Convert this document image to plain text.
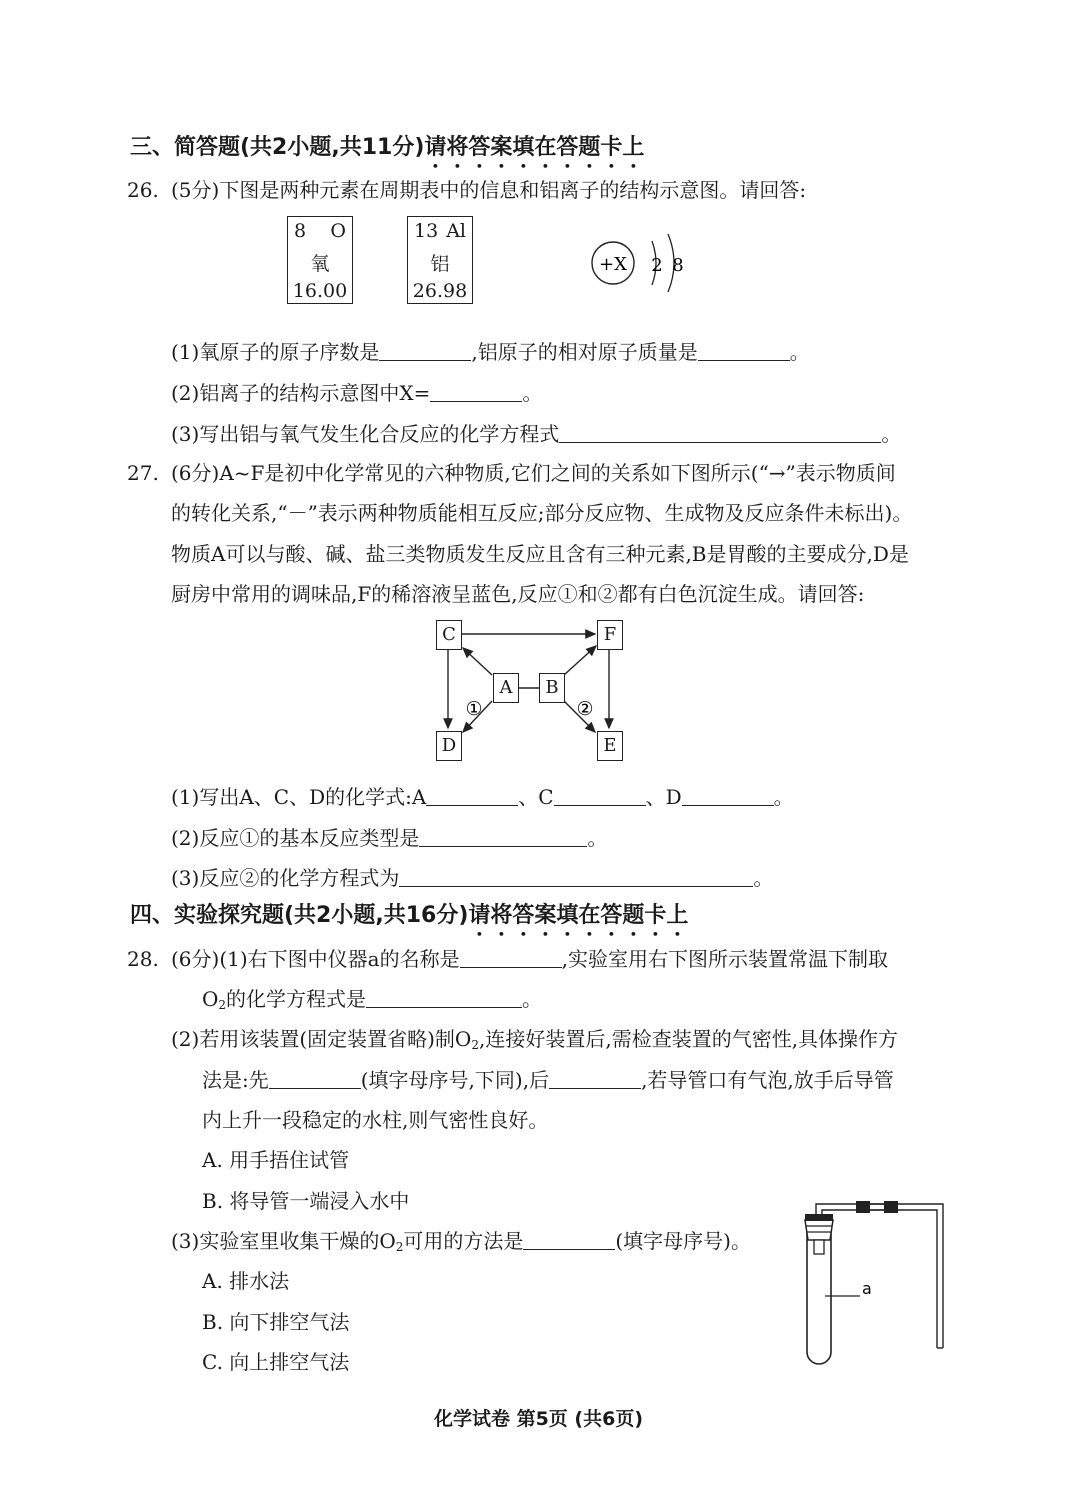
三、简答题(共2小题,共11分)请将答案填在答题卡上
26. (5分)下图是两种元素在周期表中的信息和铝离子的结构示意图。请回答:
8 O
氧
16.00
13 Al
铝
26.98
+X 2 8
(1)氧原子的原子序数是	,铝原子的相对原子质量是	。
(2)铝离子的结构示意图中X=	。
(3)写出铝与氧气发生化合反应的化学方程式	。
27. (6分)A~F是初中化学常见的六种物质,它们之间的关系如下图所示(“→”表示物质间
的转化关系,“－”表示两种物质能相互反应;部分反应物、生成物及反应条件未标出)。
物质A可以与酸、碱、盐三类物质发生反应且含有三种元素,B是胃酸的主要成分,D是
厨房中常用的调味品,F的稀溶液呈蓝色,反应①和②都有白色沉淀生成。请回答:
①	②
C	F
A	B
D	E
(1)写出A、C、D的化学式:A	、C	、D	。
(2)反应①的基本反应类型是	。
(3)反应②的化学方程式为	。
四、实验探究题(共2小题,共16分)请将答案填在答题卡上
28. (6分)(1)右下图中仪器a的名称是	,实验室用右下图所示装置常温下制取
$O_2$的化学方程式是	。
(2)若用该装置(固定装置省略)制$O_2$,连接好装置后,需检查装置的气密性,具体操作方
法是:先	(填字母序号,下同),后	,若导管口有气泡,放手后导管
内上升一段稳定的水柱,则气密性良好。
A. 用手捂住试管
B. 将导管一端浸入水中
(3)实验室里收集干燥的$O_2$可用的方法是	(填字母序号)。
A. 排水法
B. 向下排空气法
C. 向上排空气法
a
化学试卷 第5页 (共6页)
